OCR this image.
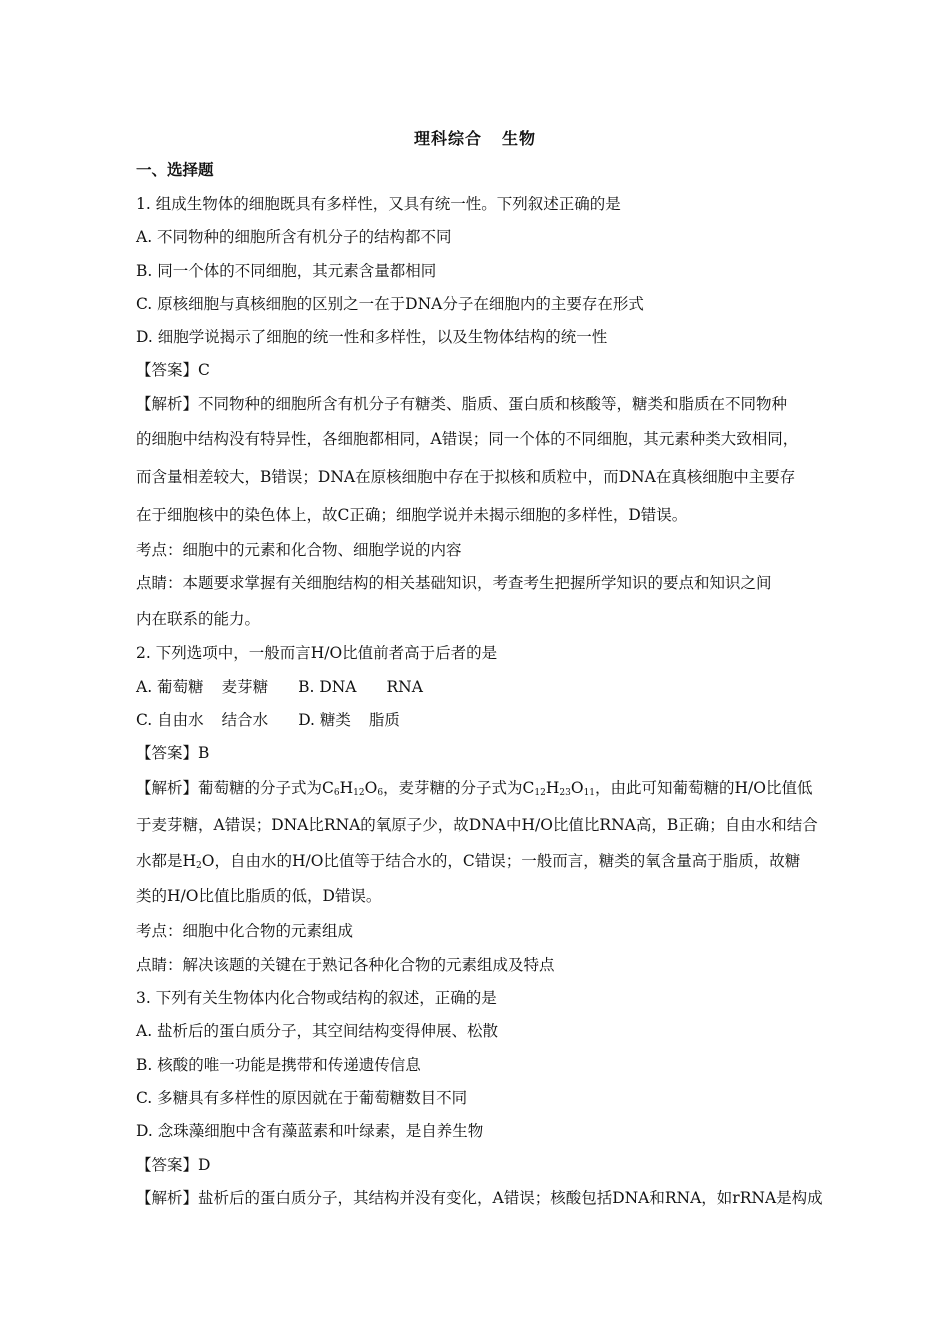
理科综合 生物
一、选择题
1. 组成生物体的细胞既具有多样性，又具有统一性。下列叙述正确的是
A. 不同物种的细胞所含有机分子的结构都不同
B. 同一个体的不同细胞，其元素含量都相同
C. 原核细胞与真核细胞的区别之一在于DNA分子在细胞内的主要存在形式
D. 细胞学说揭示了细胞的统一性和多样性，以及生物体结构的统一性
【答案】C
【解析】不同物种的细胞所含有机分子有糖类、脂质、蛋白质和核酸等，糖类和脂质在不同物种
的细胞中结构没有特异性，各细胞都相同，A错误；同一个体的不同细胞，其元素种类大致相同，
而含量相差较大，B错误；DNA在原核细胞中存在于拟核和质粒中，而DNA在真核细胞中主要存
在于细胞核中的染色体上，故C正确；细胞学说并未揭示细胞的多样性，D错误。
考点：细胞中的元素和化合物、细胞学说的内容
点睛：本题要求掌握有关细胞结构的相关基础知识，考查考生把握所学知识的要点和知识之间
内在联系的能力。
2. 下列选项中，一般而言H/O比值前者高于后者的是
A. 葡萄糖 麦芽糖 B. DNA RNA
C. 自由水 结合水 D. 糖类 脂质
【答案】B
【解析】葡萄糖的分子式为$C_6H_{12}O_6$，麦芽糖的分子式为$C_{12}H_{23}O_{11}$，由此可知葡萄糖的H/O比值低
于麦芽糖，A错误；DNA比RNA的氧原子少，故DNA中H/O比值比RNA高，B正确；自由水和结合
水都是$H_2O$，自由水的H/O比值等于结合水的，C错误；一般而言，糖类的氧含量高于脂质，故糖
类的H/O比值比脂质的低，D错误。
考点：细胞中化合物的元素组成
点睛：解决该题的关键在于熟记各种化合物的元素组成及特点
3. 下列有关生物体内化合物或结构的叙述，正确的是
A. 盐析后的蛋白质分子，其空间结构变得伸展、松散
B. 核酸的唯一功能是携带和传递遗传信息
C. 多糖具有多样性的原因就在于葡萄糖数目不同
D. 念珠藻细胞中含有藻蓝素和叶绿素，是自养生物
【答案】D
【解析】盐析后的蛋白质分子，其结构并没有变化，A错误；核酸包括DNA和RNA，如rRNA是构成
